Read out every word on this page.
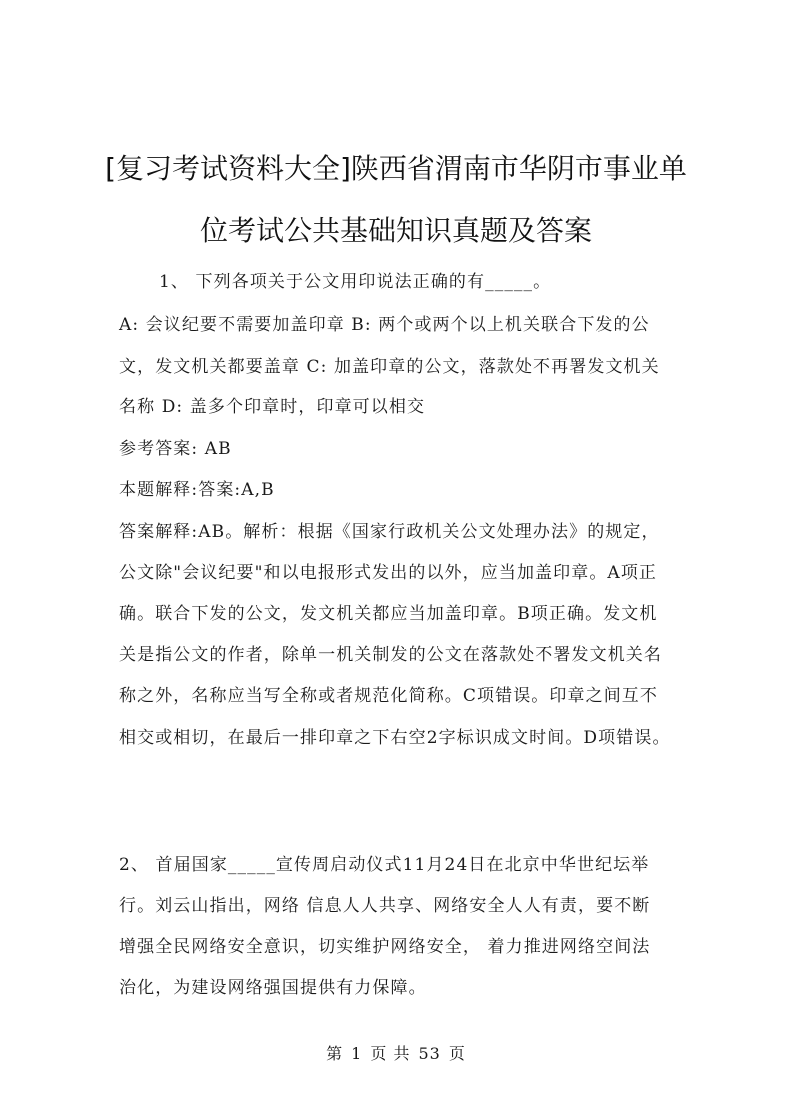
[复习考试资料大全]陕西省渭南市华阴市事业单
位考试公共基础知识真题及答案
1、 下列各项关于公文用印说法正确的有_____。
A: 会议纪要不需要加盖印章 B: 两个或两个以上机关联合下发的公
文，发文机关都要盖章 C: 加盖印章的公文，落款处不再署发文机关
名称 D: 盖多个印章时，印章可以相交
参考答案: AB
本题解释:答案:A,B
答案解释:AB。解析：根据《国家行政机关公文处理办法》的规定，
公文除"会议纪要"和以电报形式发出的以外，应当加盖印章。A项正
确。联合下发的公文，发文机关都应当加盖印章。B项正确。发文机
关是指公文的作者，除单一机关制发的公文在落款处不署发文机关名
称之外，名称应当写全称或者规范化简称。C项错误。印章之间互不
相交或相切，在最后一排印章之下右空2字标识成文时间。D项错误。
2、 首届国家_____宣传周启动仪式11月24日在北京中华世纪坛举
行。刘云山指出，网络 信息人人共享、网络安全人人有责，要不断
增强全民网络安全意识，切实维护网络安全， 着力推进网络空间法
治化，为建设网络强国提供有力保障。
第 1 页 共 53 页
